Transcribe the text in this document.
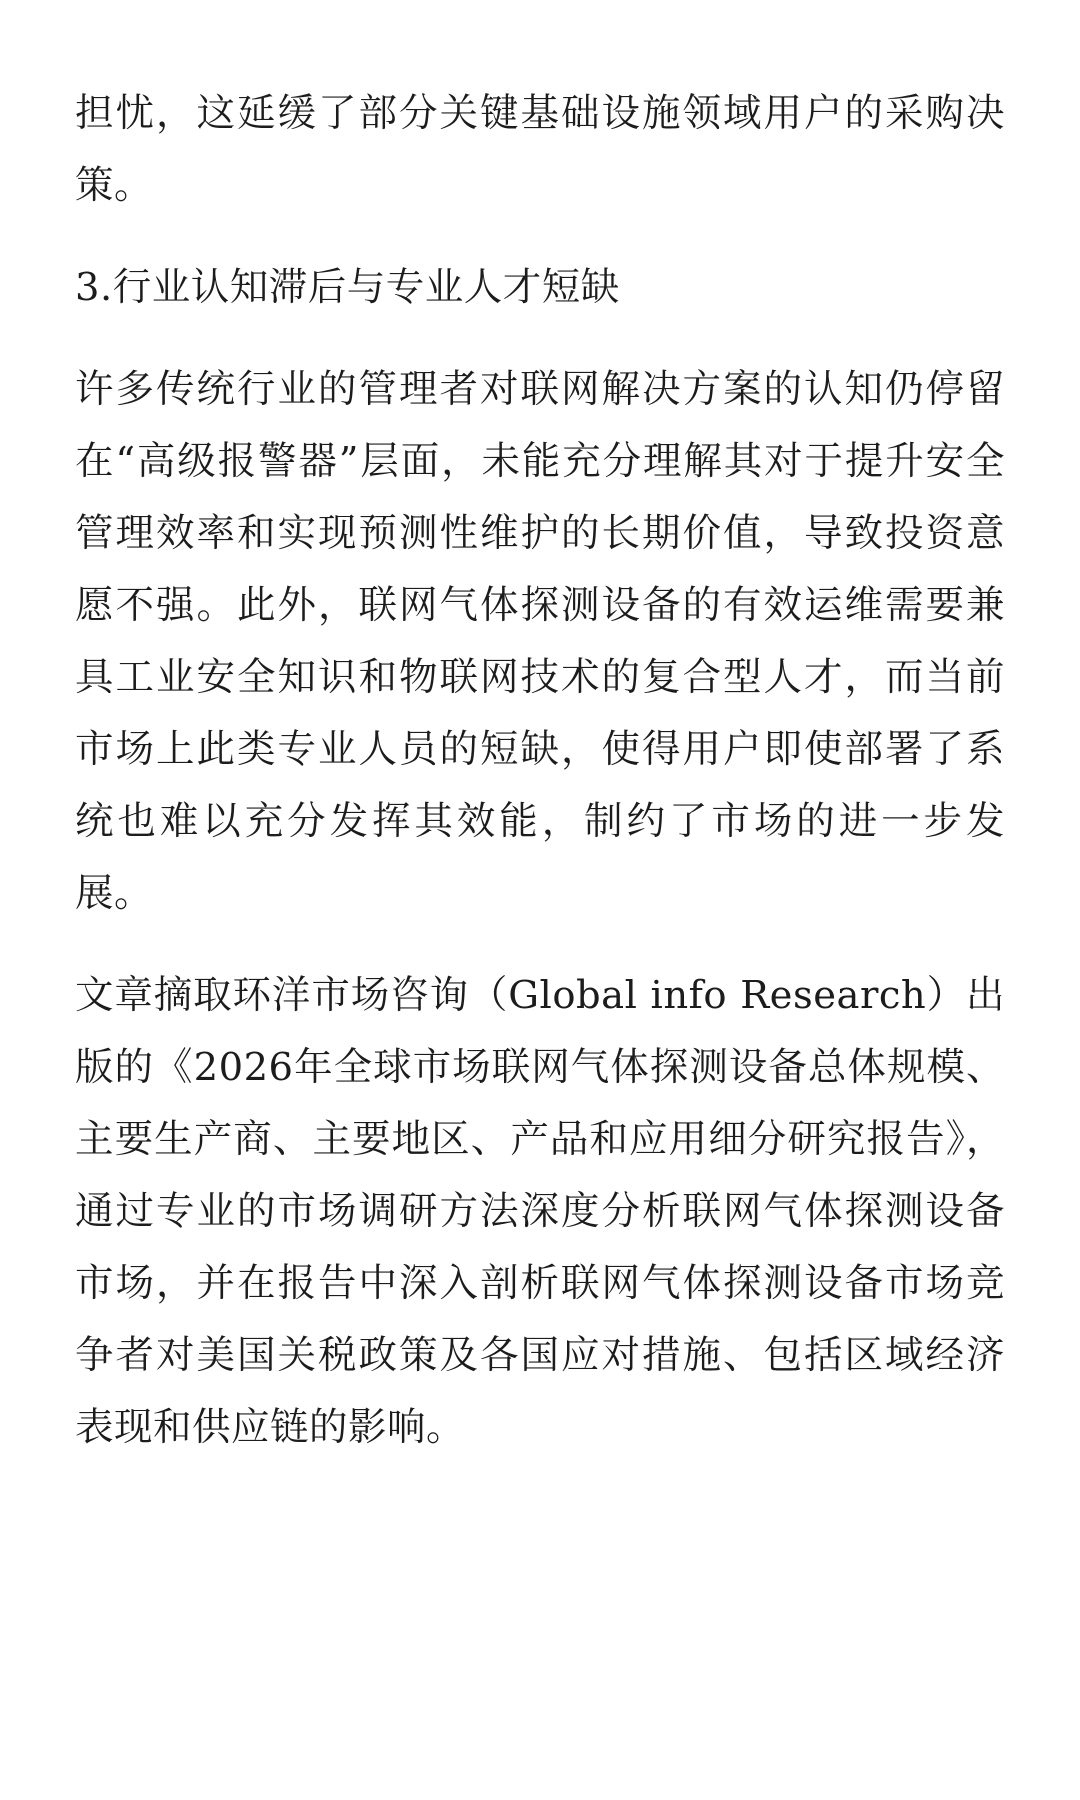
担忧，这延缓了部分关键基础设施领域用户的采购决策。

3.行业认知滞后与专业人才短缺

许多传统行业的管理者对联网解决方案的认知仍停留在“高级报警器”层面，未能充分理解其对于提升安全管理效率和实现预测性维护的长期价值，导致投资意愿不强。此外，联网气体探测设备的有效运维需要兼具工业安全知识和物联网技术的复合型人才，而当前市场上此类专业人员的短缺，使得用户即使部署了系统也难以充分发挥其效能，制约了市场的进一步发展。

文章摘取环洋市场咨询（Global info Research）出版的《2026年全球市场联网气体探测设备总体规模、主要生产商、主要地区、产品和应用细分研究报告》，通过专业的市场调研方法深度分析联网气体探测设备市场，并在报告中深入剖析联网气体探测设备市场竞争者对美国关税政策及各国应对措施、包括区域经济表现和供应链的影响。
